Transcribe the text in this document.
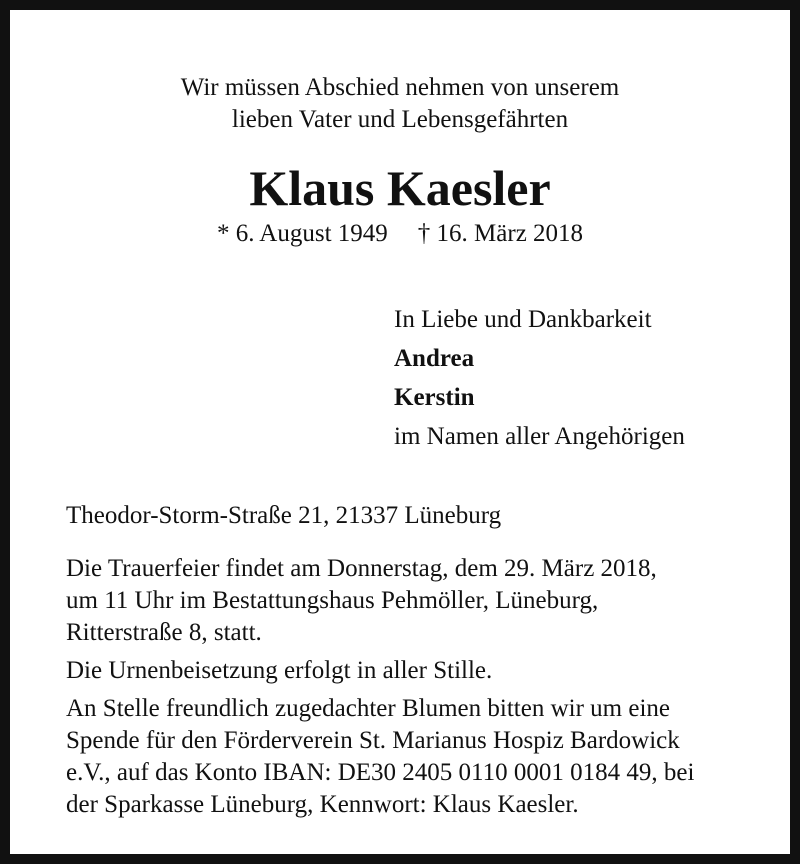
Wir müssen Abschied nehmen von unserem
lieben Vater und Lebensgefährten
Klaus Kaesler
* 6. August 1949 † 16. März 2018
In Liebe und Dankbarkeit
Andrea
Kerstin
im Namen aller Angehörigen
Theodor-Storm-Straße 21, 21337 Lüneburg

Die Trauerfeier findet am Donnerstag, dem 29. März 2018,
um 11 Uhr im Bestattungshaus Pehmöller, Lüneburg,
Ritterstraße 8, statt.

Die Urnenbeisetzung erfolgt in aller Stille.

An Stelle freundlich zugedachter Blumen bitten wir um eine
Spende für den Förderverein St. Marianus Hospiz Bardowick
e.V., auf das Konto IBAN: DE30 2405 0110 0001 0184 49, bei
der Sparkasse Lüneburg, Kennwort: Klaus Kaesler.
